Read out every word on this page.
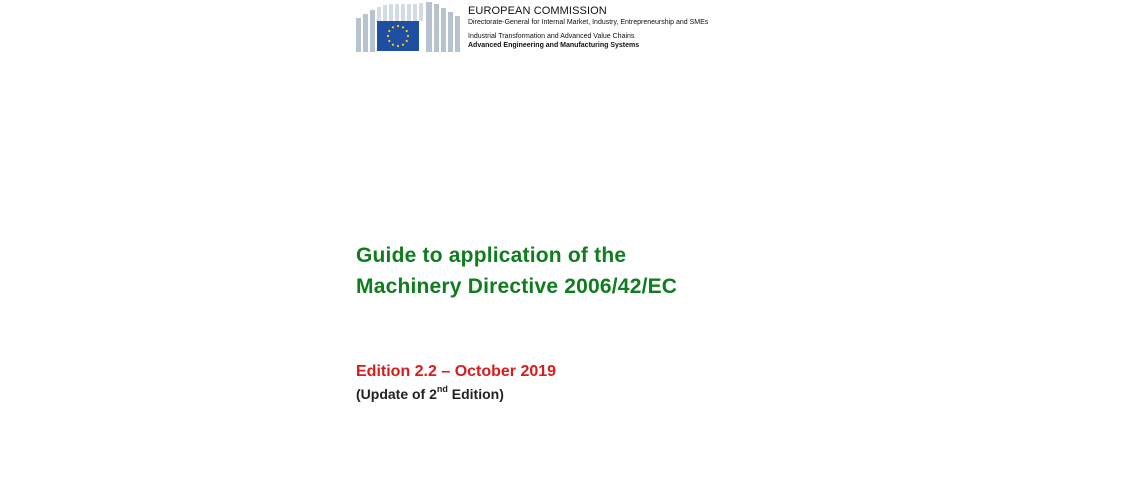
EUROPEAN COMMISSION
Directorate-General for Internal Market, Industry, Entrepreneurship and SMEs
Industrial Transformation and Advanced Value Chains
Advanced Engineering and Manufacturing Systems
Guide to application of the
Machinery Directive 2006/42/EC
Edition 2.2 – October 2019
(Update of 2nd Edition)
